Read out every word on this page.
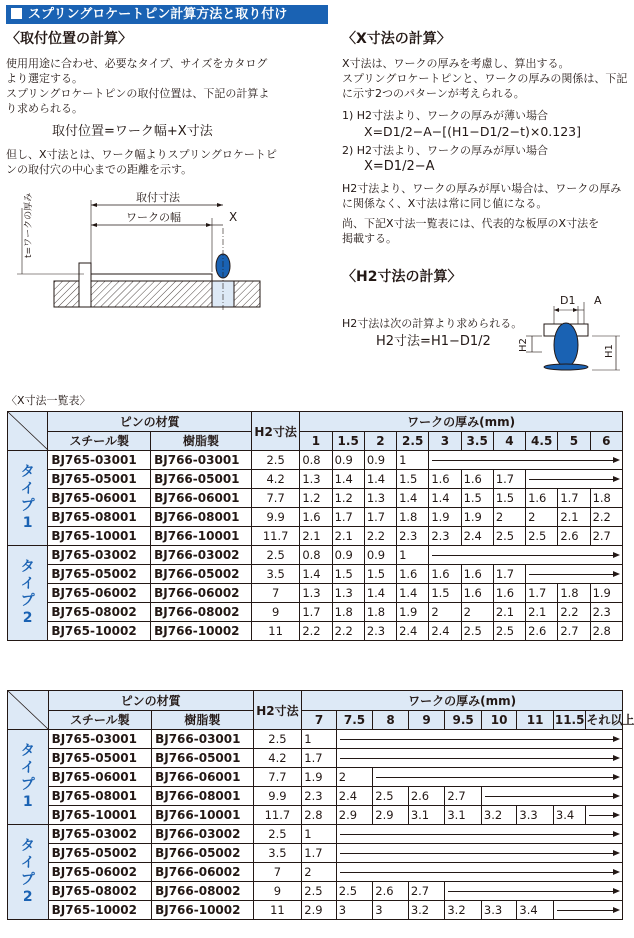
スプリングロケートピン計算方法と取り付け
〈取付位置の計算〉
使用用途に合わせ、必要なタイプ、サイズをカタログ
より選定する。
スプリングロケートピンの取付位置は、下記の計算よ
り求められる。
取付位置=ワーク幅+X寸法
但し、X寸法とは、ワーク幅よりスプリングロケートピ
ンの取付穴の中心までの距離を示す。
取付寸法
ワークの幅	X
t=ワークの厚み
〈X寸法の計算〉
X寸法は、ワークの厚みを考慮し、算出する。
スプリングロケートピンと、ワークの厚みの関係は、下記
に示す2つのパターンが考えられる。
1) H2寸法より、ワークの厚みが薄い場合
X=D1/2−A−[(H1−D1/2−t)×0.123]
2) H2寸法より、ワークの厚みが厚い場合
X=D1/2−A
H2寸法より、ワークの厚みが厚い場合は、ワークの厚み
に関係なく、X寸法は常に同じ値になる。
尚、下記X寸法一覧表には、代表的な板厚のX寸法を
掲載する。
〈H2寸法の計算〉
H2寸法は次の計算より求められる。
H2寸法=H1−D1/2
D1 A
H2	H1
〈X寸法一覧表〉
	ピンの材質		H2寸法	ワークの厚み(mm)									
	スチール製	樹脂製		1	1.5	2	2.5	3	3.5	4	4.5	5	6

タイプ1	BJ765-03001	BJ766-03001	2.5	0.8	0.9	0.9	1						

	BJ765-05001	BJ766-05001	4.2	1.3	1.4	1.4	1.5	1.6	1.6	1.7			

	BJ765-06001	BJ766-06001	7.7	1.2	1.2	1.3	1.4	1.4	1.5	1.5	1.6	1.7	1.8
	BJ765-08001	BJ766-08001	9.9	1.6	1.7	1.7	1.8	1.9	1.9	2	2	2.1	2.2
	BJ765-10001	BJ766-10001	11.7	2.1	2.1	2.2	2.3	2.3	2.4	2.5	2.5	2.6	2.7

タイプ2	BJ765-03002	BJ766-03002	2.5	0.8	0.9	0.9	1						

	BJ765-05002	BJ766-05002	3.5	1.4	1.5	1.5	1.6	1.6	1.6	1.7			

	BJ765-06002	BJ766-06002	7	1.3	1.3	1.4	1.4	1.5	1.6	1.6	1.7	1.8	1.9
	BJ765-08002	BJ766-08002	9	1.7	1.8	1.8	1.9	2	2	2.1	2.1	2.2	2.3
	BJ765-10002	BJ766-10002	11	2.2	2.2	2.3	2.4	2.4	2.5	2.5	2.6	2.7	2.8
	ピンの材質		H2寸法	ワークの厚み(mm)								
	スチール製	樹脂製		7	7.5	8	9	9.5	10	11	11.5	それ以上

タイプ1	BJ765-03001	BJ766-03001	2.5	1								

	BJ765-05001	BJ766-05001	4.2	1.7								

	BJ765-06001	BJ766-06001	7.7	1.9	2							

	BJ765-08001	BJ766-08001	9.9	2.3	2.4	2.5	2.6	2.7				

	BJ765-10001	BJ766-10001	11.7	2.8	2.9	2.9	3.1	3.1	3.2	3.3	3.4	

タイプ2	BJ765-03002	BJ766-03002	2.5	1								

	BJ765-05002	BJ766-05002	3.5	1.7								

	BJ765-06002	BJ766-06002	7	2								

	BJ765-08002	BJ766-08002	9	2.5	2.5	2.6	2.7					

	BJ765-10002	BJ766-10002	11	2.9	3	3	3.2	3.2	3.3	3.4		
